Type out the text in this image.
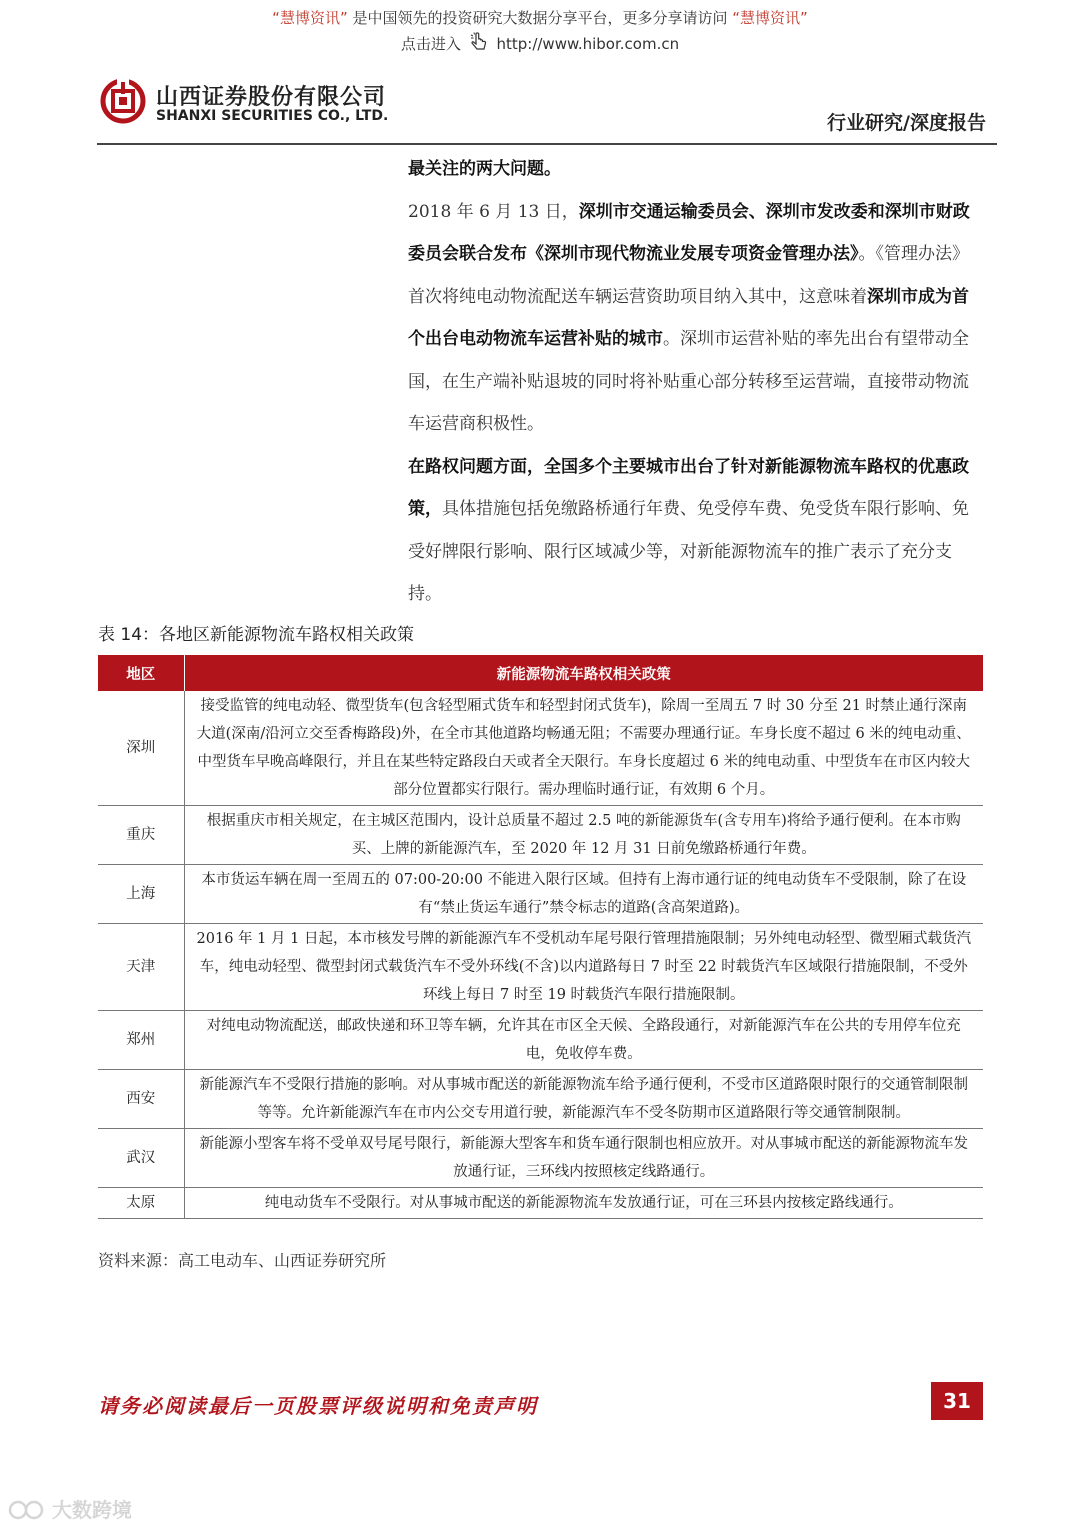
“慧博资讯” 是中国领先的投资研究大数据分享平台，更多分享请访问 “慧博资讯”
点击进入 http://www.hibor.com.cn
山西证券股份有限公司
SHANXI SECURITIES CO., LTD.	行业研究/深度报告

最关注的两大问题。

2018 年 6 月 13 日，深圳市交通运输委员会、深圳市发改委和深圳市财政委员会联合发布《深圳市现代物流业发展专项资金管理办法》。《管理办法》首次将纯电动物流配送车辆运营资助项目纳入其中，这意味着深圳市成为首个出台电动物流车运营补贴的城市。深圳市运营补贴的率先出台有望带动全国，在生产端补贴退坡的同时将补贴重心部分转移至运营端，直接带动物流车运营商积极性。

在路权问题方面，全国多个主要城市出台了针对新能源物流车路权的优惠政策，具体措施包括免缴路桥通行年费、免受停车费、免受货车限行影响、免受好牌限行影响、限行区域减少等，对新能源物流车的推广表示了充分支持。

表 14：各地区新能源物流车路权相关政策
地区	新能源物流车路权相关政策
深圳	接受监管的纯电动轻、微型货车(包含轻型厢式货车和轻型封闭式货车)，除周一至周五 7 时 30 分至 21 时禁止通行深南大道(深南/沿河立交至香梅路段)外，在全市其他道路均畅通无阻；不需要办理通行证。车身长度不超过 6 米的纯电动重、中型货车早晚高峰限行，并且在某些特定路段白天或者全天限行。车身长度超过 6 米的纯电动重、中型货车在市区内较大部分位置都实行限行。需办理临时通行证，有效期 6 个月。
重庆	根据重庆市相关规定，在主城区范围内，设计总质量不超过 2.5 吨的新能源货车(含专用车)将给予通行便利。在本市购买、上牌的新能源汽车，至 2020 年 12 月 31 日前免缴路桥通行年费。
上海	本市货运车辆在周一至周五的 07:00-20:00 不能进入限行区域。但持有上海市通行证的纯电动货车不受限制，除了在设有“禁止货运车通行”禁令标志的道路(含高架道路)。
天津	2016 年 1 月 1 日起，本市核发号牌的新能源汽车不受机动车尾号限行管理措施限制；另外纯电动轻型、微型厢式载货汽车，纯电动轻型、微型封闭式载货汽车不受外环线(不含)以内道路每日 7 时至 22 时载货汽车区域限行措施限制，不受外环线上每日 7 时至 19 时载货汽车限行措施限制。
郑州	对纯电动物流配送，邮政快递和环卫等车辆，允许其在市区全天候、全路段通行，对新能源汽车在公共的专用停车位充电，免收停车费。
西安	新能源汽车不受限行措施的影响。对从事城市配送的新能源物流车给予通行便利，不受市区道路限时限行的交通管制限制等等。允许新能源汽车在市内公交专用道行驶，新能源汽车不受冬防期市区道路限行等交通管制限制。
武汉	新能源小型客车将不受单双号尾号限行，新能源大型客车和货车通行限制也相应放开。对从事城市配送的新能源物流车发放通行证，三环线内按照核定线路通行。
太原	纯电动货车不受限行。对从事城市配送的新能源物流车发放通行证，可在三环县内按核定路线通行。
资料来源：高工电动车、山西证券研究所
请务必阅读最后一页股票评级说明和免责声明	31
大数跨境
